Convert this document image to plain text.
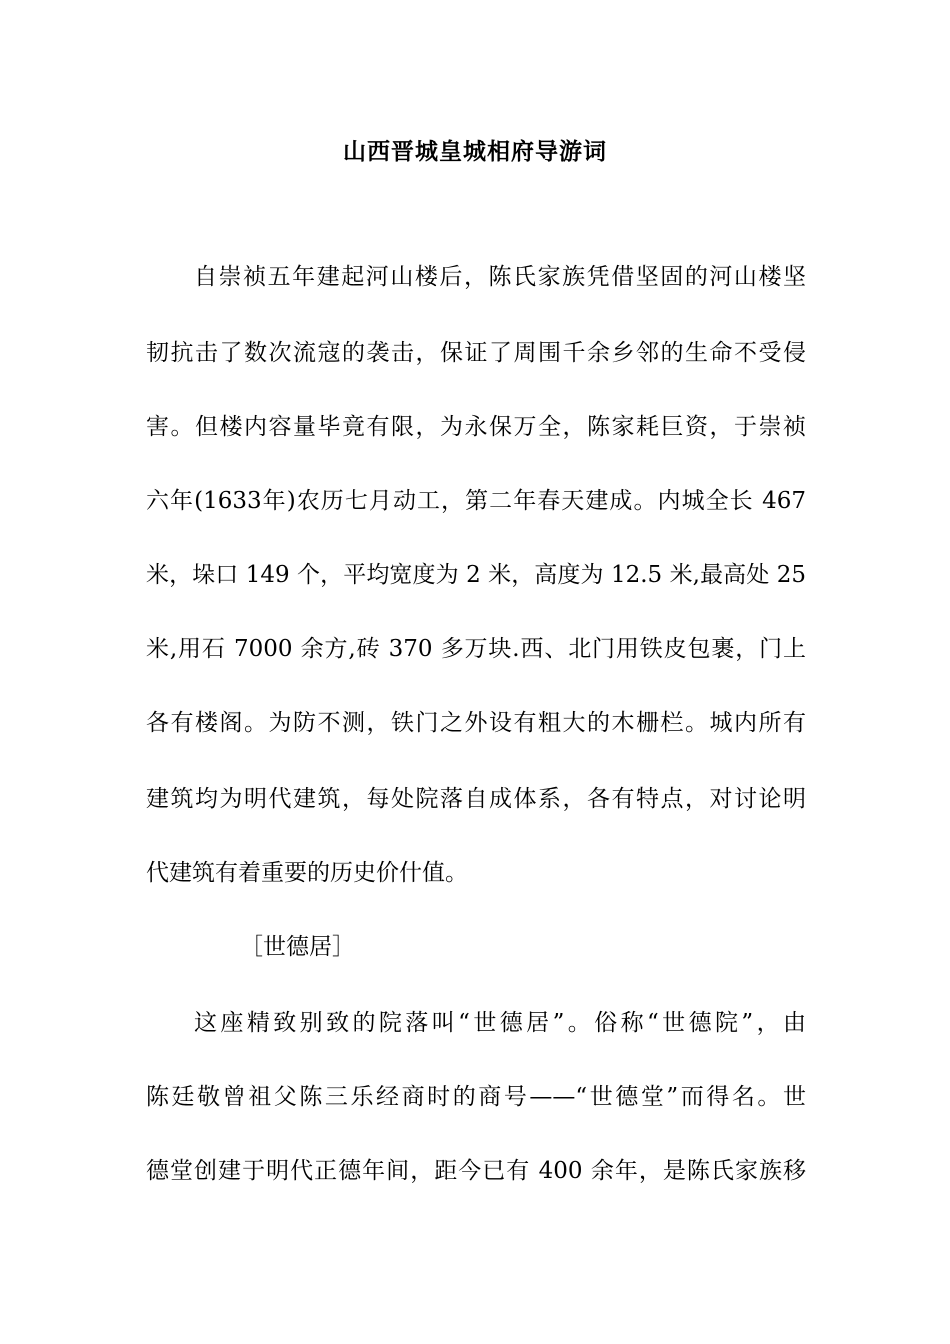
山西晋城皇城相府导游词
自崇祯五年建起河山楼后，陈氏家族凭借坚固的河山楼坚
韧抗击了数次流寇的袭击，保证了周围千余乡邻的生命不受侵
害。但楼内容量毕竟有限，为永保万全，陈家耗巨资，于崇祯
六年(1633年)农历七月动工，第二年春天建成。内城全长 467
米，垛口 149 个，平均宽度为 2 米，高度为 12.5 米,最高处 25
米,用石 7000 余方,砖 370 多万块.西、北门用铁皮包裹，门上
各有楼阁。为防不测，铁门之外设有粗大的木栅栏。城内所有
建筑均为明代建筑，每处院落自成体系，各有特点，对讨论明
代建筑有着重要的历史价什值。
［世德居］
这座精致别致的院落叫“世德居”。俗称“世德院”，由
陈廷敬曾祖父陈三乐经商时的商号——“世德堂”而得名。世
德堂创建于明代正德年间，距今已有 400 余年，是陈氏家族移
